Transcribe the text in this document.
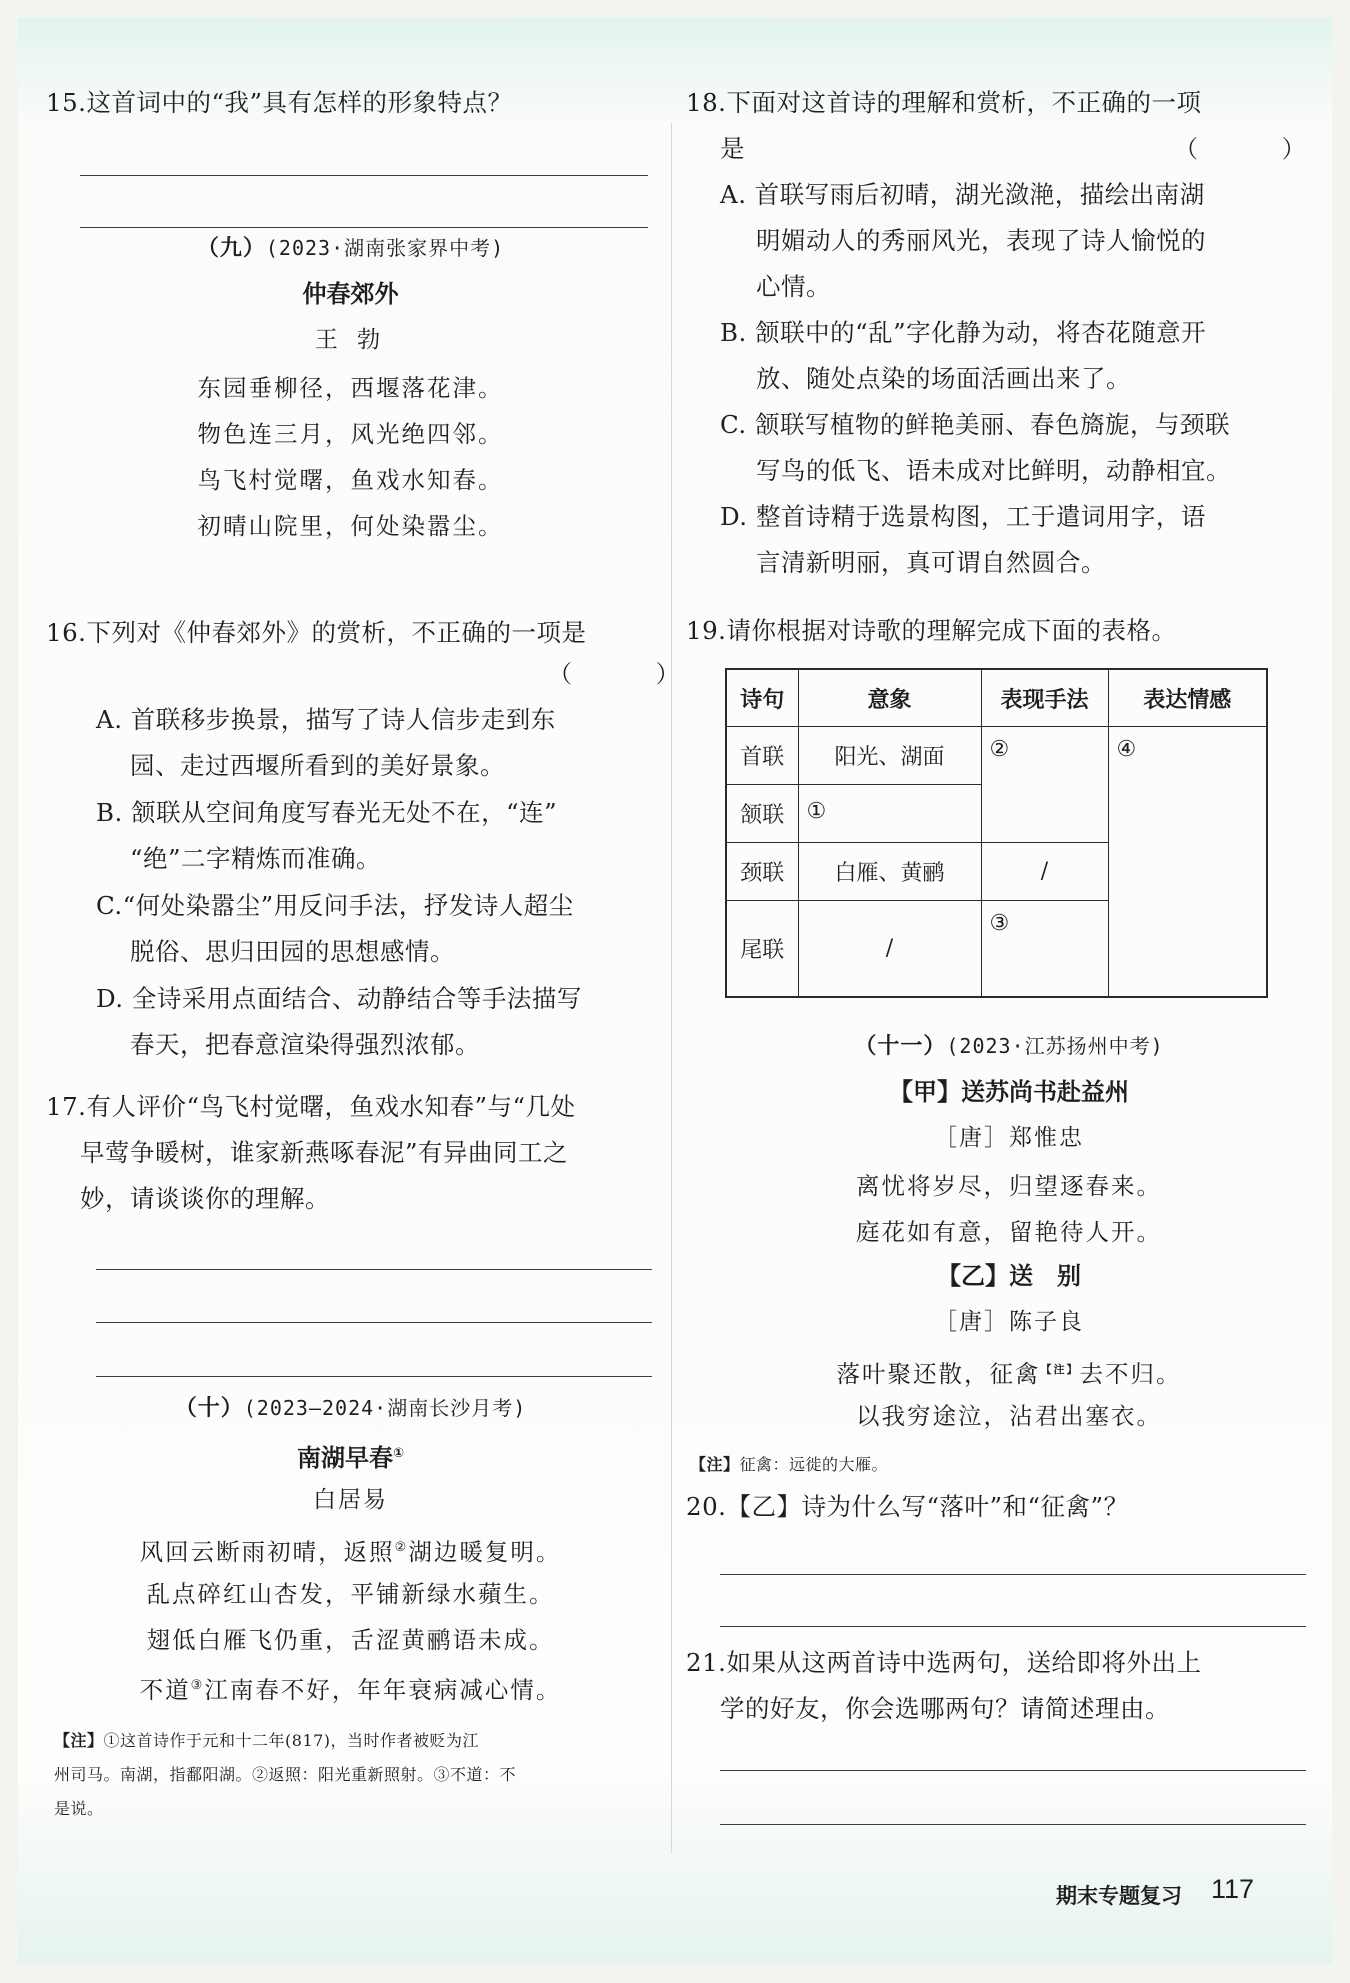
15.这首词中的“我”具有怎样的形象特点？
（九）(2023·湖南张家界中考)
仲春郊外
王 勃
东园垂柳径，西堰落花津。
物色连三月，风光绝四邻。
鸟飞村觉曙，鱼戏水知春。
初晴山院里，何处染嚣尘。
16.下列对《仲春郊外》的赏析，不正确的一项是
（ ）
A. 首联移步换景，描写了诗人信步走到东
园、走过西堰所看到的美好景象。
B. 颔联从空间角度写春光无处不在，“连”
“绝”二字精炼而准确。
C.“何处染嚣尘”用反问手法，抒发诗人超尘
脱俗、思归田园的思想感情。
D. 全诗采用点面结合、动静结合等手法描写
春天，把春意渲染得强烈浓郁。
17.有人评价“鸟飞村觉曙，鱼戏水知春”与“几处
早莺争暖树，谁家新燕啄春泥”有异曲同工之
妙，请谈谈你的理解。
（十）(2023—2024·湖南长沙月考)
南湖早春①
白居易
风回云断雨初晴，返照②湖边暖复明。
乱点碎红山杏发，平铺新绿水蘋生。
翅低白雁飞仍重，舌涩黄鹂语未成。
不道③江南春不好，年年衰病减心情。
【注】①这首诗作于元和十二年(817)，当时作者被贬为江
州司马。南湖，指鄱阳湖。②返照：阳光重新照射。③不道：不
是说。
18.下面对这首诗的理解和赏析，不正确的一项
是	（ ）
A. 首联写雨后初晴，湖光潋滟，描绘出南湖
明媚动人的秀丽风光，表现了诗人愉悦的
心情。
B. 颔联中的“乱”字化静为动，将杏花随意开
放、随处点染的场面活画出来了。
C. 颔联写植物的鲜艳美丽、春色旖旎，与颈联
写鸟的低飞、语未成对比鲜明，动静相宜。
D. 整首诗精于选景构图，工于遣词用字，语
言清新明丽，真可谓自然圆合。
19.请你根据对诗歌的理解完成下面的表格。
诗句	意象	表现手法	表达情感
首联	阳光、湖面	②	④
颔联	①		
颈联	白雁、黄鹂	/	
尾联	/	③	
（十一）(2023·江苏扬州中考)
【甲】送苏尚书赴益州
［唐］郑惟忠
离忧将岁尽，归望逐春来。
庭花如有意，留艳待人开。
【乙】送　别
［唐］陈子良
落叶聚还散，征禽$^{【注】}$去不归。
以我穷途泣，沾君出塞衣。
【注】征禽：远徙的大雁。
20.【乙】诗为什么写“落叶”和“征禽”？
21.如果从这两首诗中选两句，送给即将外出上
学的好友，你会选哪两句？请简述理由。
期末专题复习 117
